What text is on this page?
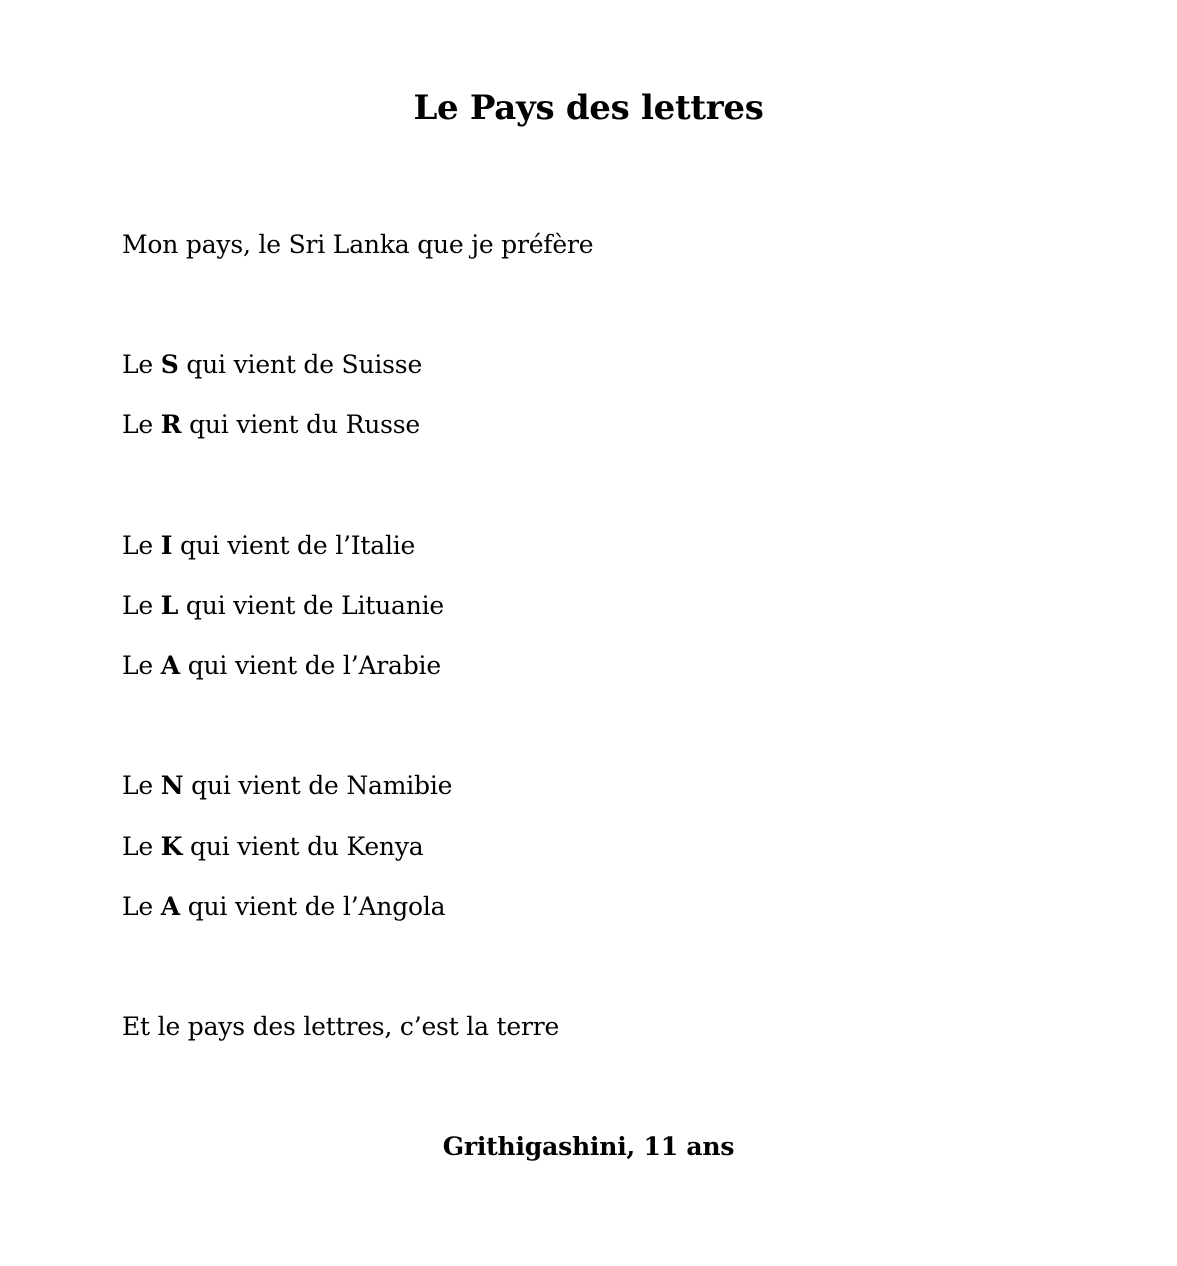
Le Pays des lettres
Mon pays, le Sri Lanka que je préfère
Le S qui vient de Suisse
Le R qui vient du Russe
Le I qui vient de l’Italie
Le L qui vient de Lituanie
Le A qui vient de l’Arabie
Le N qui vient de Namibie
Le K qui vient du Kenya
Le A qui vient de l’Angola
Et le pays des lettres, c’est la terre
Grithigashini, 11 ans
